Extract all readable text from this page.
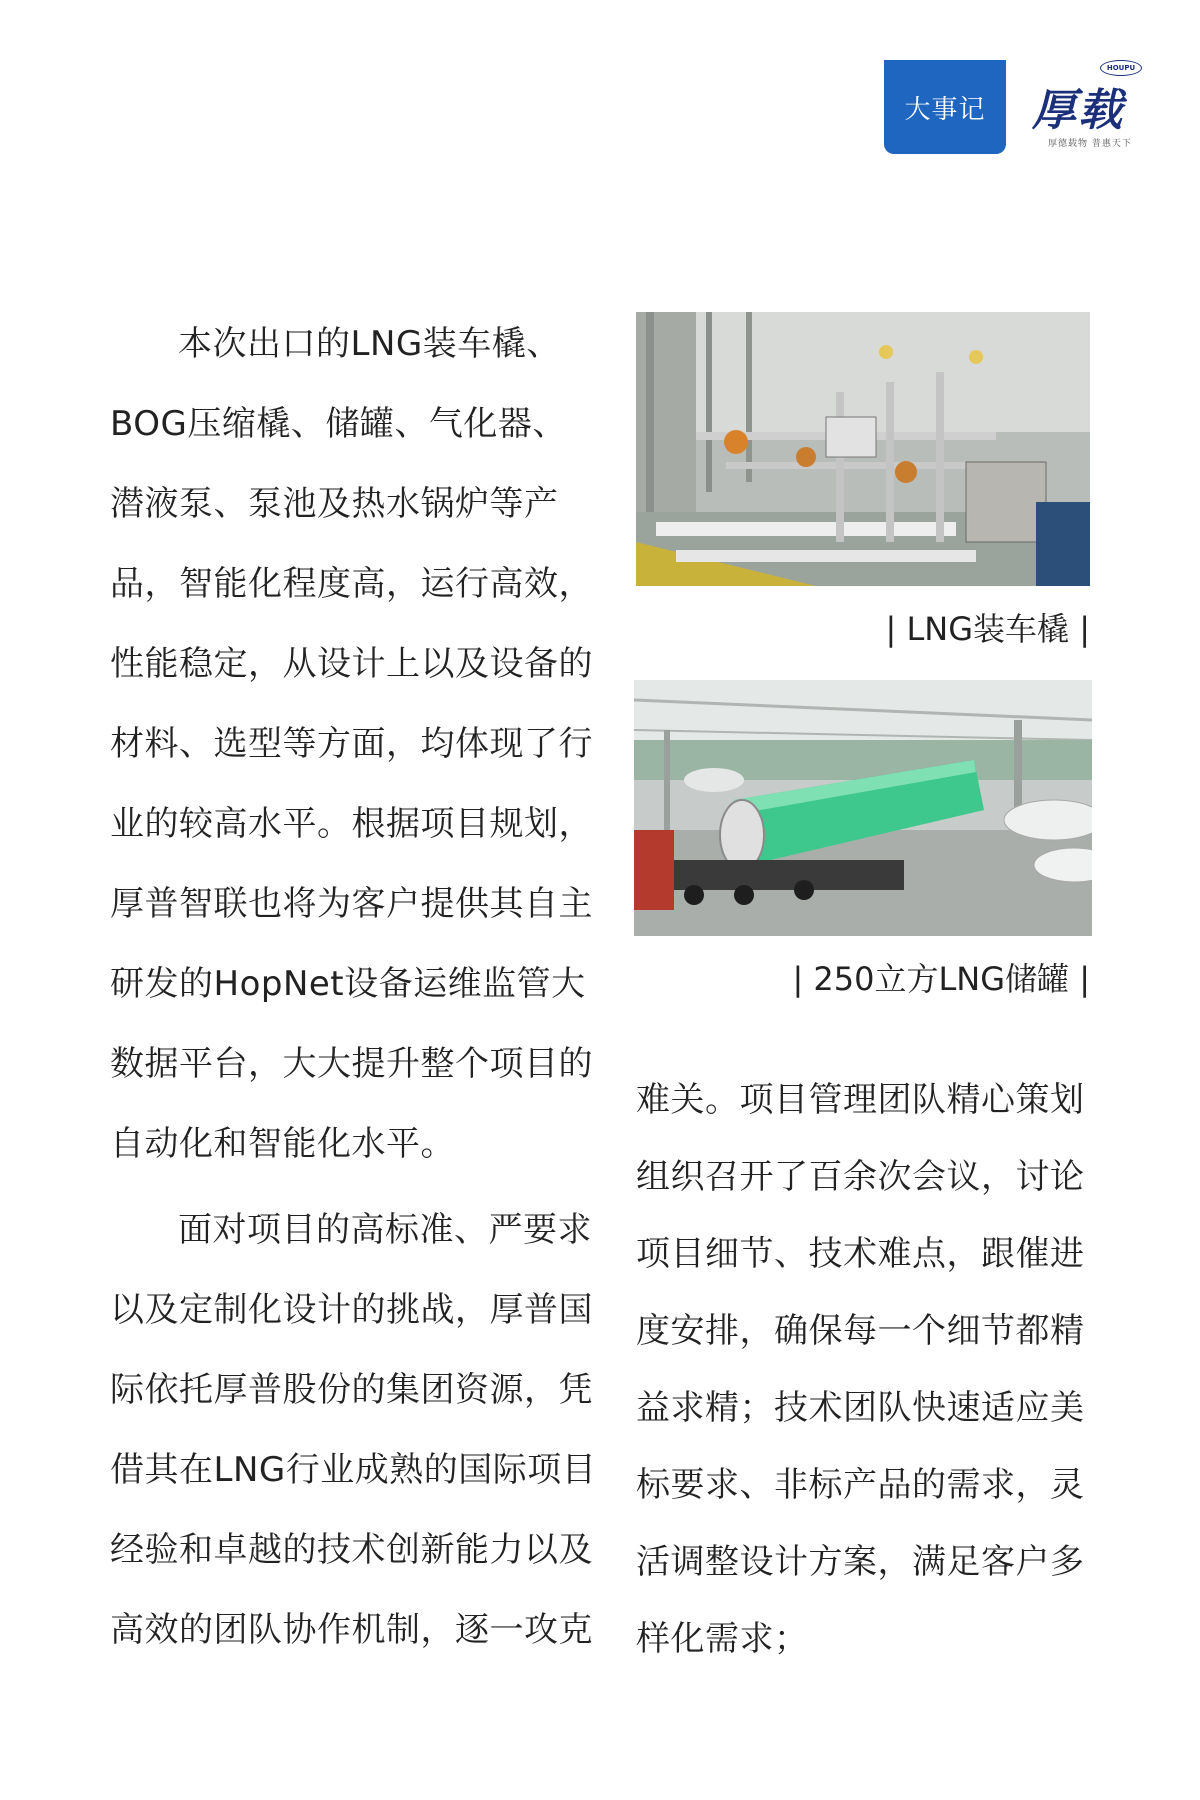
大事记
HOUPU
厚载
厚德载物 普惠天下

本次出口的LNG装车橇、BOG压缩橇、储罐、气化器、潜液泵、泵池及热水锅炉等产品，智能化程度高，运行高效，性能稳定，从设计上以及设备的材料、选型等方面，均体现了行业的较高水平。根据项目规划，厚普智联也将为客户提供其自主研发的HopNet设备运维监管大数据平台，大大提升整个项目的自动化和智能化水平。

面对项目的高标准、严要求以及定制化设计的挑战，厚普国际依托厚普股份的集团资源，凭借其在LNG行业成熟的国际项目经验和卓越的技术创新能力以及高效的团队协作机制，逐一攻克

| LNG装车橇 |
| 250立方LNG储罐 |

难关。项目管理团队精心策划组织召开了百余次会议，讨论项目细节、技术难点，跟催进度安排，确保每一个细节都精益求精；技术团队快速适应美标要求、非标产品的需求，灵活调整设计方案，满足客户多样化需求；
